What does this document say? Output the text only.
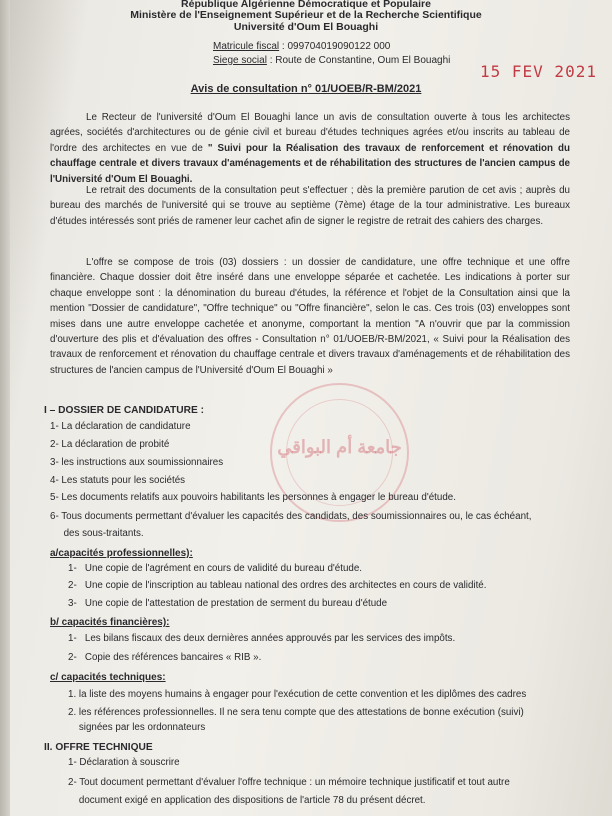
République Algérienne Démocratique et Populaire
Ministère de l'Enseignement Supérieur et de la Recherche Scientifique
Université d'Oum El Bouaghi
Matricule fiscal : 099704019090122 000
Siege social : Route de Constantine, Oum El Bouaghi
15 FEV 2021
Avis de consultation n° 01/UOEB/R-BM/2021
Le Recteur de l'université d'Oum El Bouaghi lance un avis de consultation ouverte à tous les architectes agrées, sociétés d'architectures ou de génie civil et bureau d'études techniques agrées et/ou inscrits au tableau de l'ordre des architectes en vue de " Suivi pour la Réalisation des travaux de renforcement et rénovation du chauffage centrale et divers travaux d'aménagements et de réhabilitation des structures de l'ancien campus de l'Université d'Oum El Bouaghi.
Le retrait des documents de la consultation peut s'effectuer ; dès la première parution de cet avis ; auprès du bureau des marchés de l'université qui se trouve au septième (7ème) étage de la tour administrative. Les bureaux d'études intéressés sont priés de ramener leur cachet afin de signer le registre de retrait des cahiers des charges.
L'offre se compose de trois (03) dossiers : un dossier de candidature, une offre technique et une offre financière. Chaque dossier doit être inséré dans une enveloppe séparée et cachetée. Les indications à porter sur chaque enveloppe sont : la dénomination du bureau d'études, la référence et l'objet de la Consultation ainsi que la mention "Dossier de candidature", "Offre technique" ou "Offre financière", selon le cas. Ces trois (03) enveloppes sont mises dans une autre enveloppe cachetée et anonyme, comportant la mention "A n'ouvrir que par la commission d'ouverture des plis et d'évaluation des offres - Consultation n° 01/UOEB/R-BM/2021, « Suivi pour la Réalisation des travaux de renforcement et rénovation du chauffage centrale et divers travaux d'aménagements et de réhabilitation des structures de l'ancien campus de l'Université d'Oum El Bouaghi »
جامعة أم البواقي
I – DOSSIER DE CANDIDATURE :
1- La déclaration de candidature
2- La déclaration de probité
3- les instructions aux soumissionnaires
4- Les statuts pour les sociétés
5- Les documents relatifs aux pouvoirs habilitants les personnes à engager le bureau d'étude.
6- Tous documents permettant d'évaluer les capacités des candidats, des soumissionnaires ou, le cas échéant,
des sous-traitants.
a/capacités professionnelles):
1-   Une copie de l'agrément en cours de validité du bureau d'étude.
2-   Une copie de l'inscription au tableau national des ordres des architectes en cours de validité.
3-   Une copie de l'attestation de prestation de serment du bureau d'étude
b/ capacités financières):
1-   Les bilans fiscaux des deux dernières années approuvés par les services des impôts.
2-   Copie des références bancaires « RIB ».
c/ capacités techniques:
1. la liste des moyens humains à engager pour l'exécution de cette convention et les diplômes des cadres
2. les références professionnelles. Il ne sera tenu compte que des attestations de bonne exécution (suivi)
signées par les ordonnateurs
II. OFFRE TECHNIQUE
1- Déclaration à souscrire
2- Tout document permettant d'évaluer l'offre technique : un mémoire technique justificatif et tout autre
document exigé en application des dispositions de l'article 78 du présent décret.
